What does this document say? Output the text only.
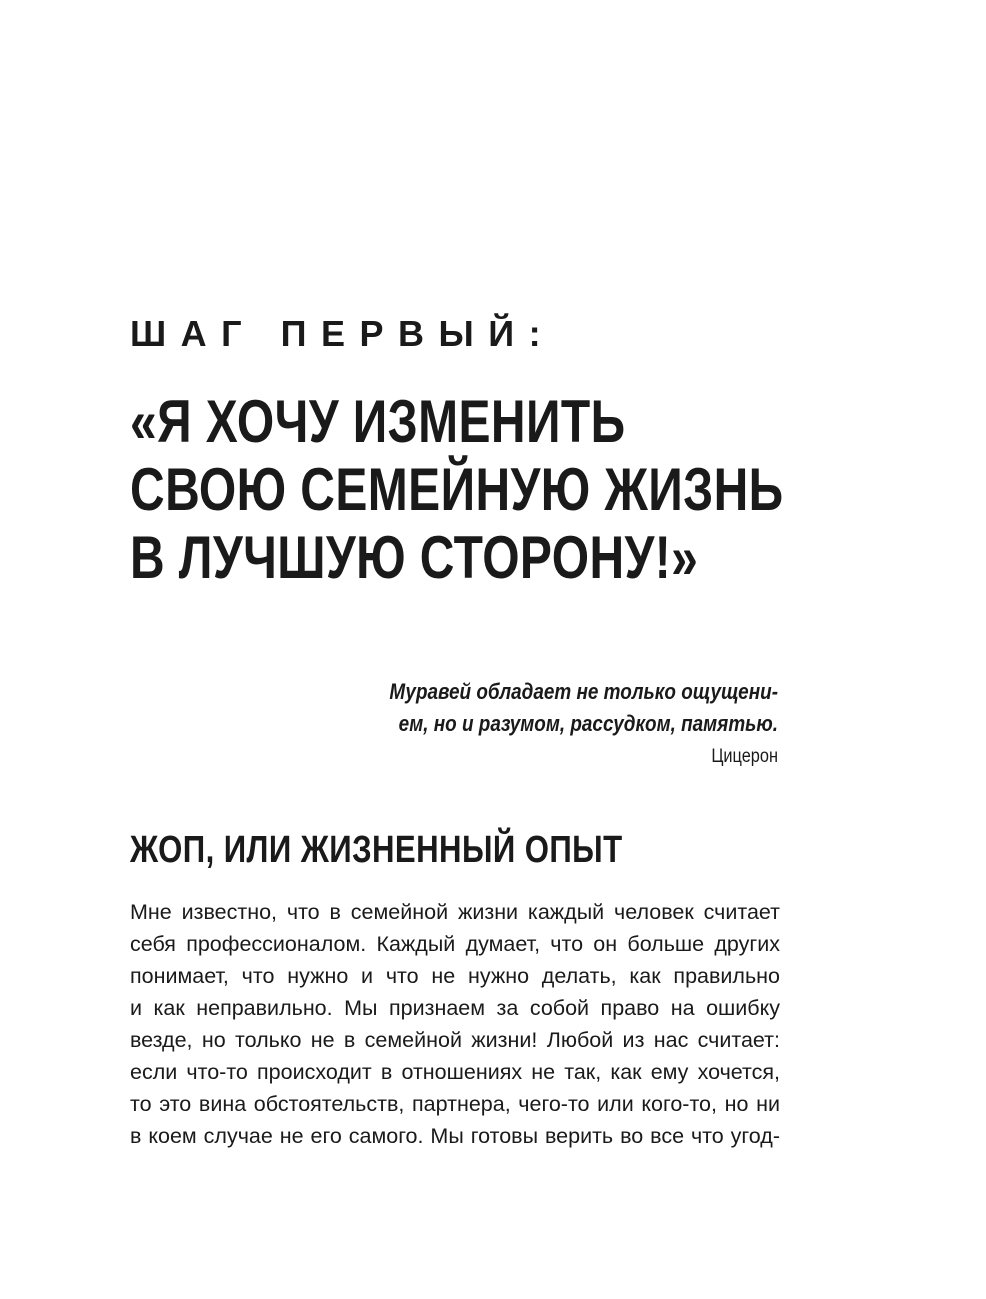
ШАГ ПЕРВЫЙ:
«Я ХОЧУ ИЗМЕНИТЬ
СВОЮ СЕМЕЙНУЮ ЖИЗНЬ
В ЛУЧШУЮ СТОРОНУ!»
Муравей обладает не только ощущени-
ем, но и разумом, рассудком, памятью.
Цицерон
ЖОП, ИЛИ ЖИЗНЕННЫЙ ОПЫТ
Мне известно, что в семейной жизни каждый человек считает
себя профессионалом. Каждый думает, что он больше других
понимает, что нужно и что не нужно делать, как правильно
и как неправильно. Мы признаем за собой право на ошибку
везде, но только не в семейной жизни! Любой из нас считает:
если что-то происходит в отношениях не так, как ему хочется,
то это вина обстоятельств, партнера, чего-то или кого-то, но ни
в коем случае не его самого. Мы готовы верить во все что угод-
